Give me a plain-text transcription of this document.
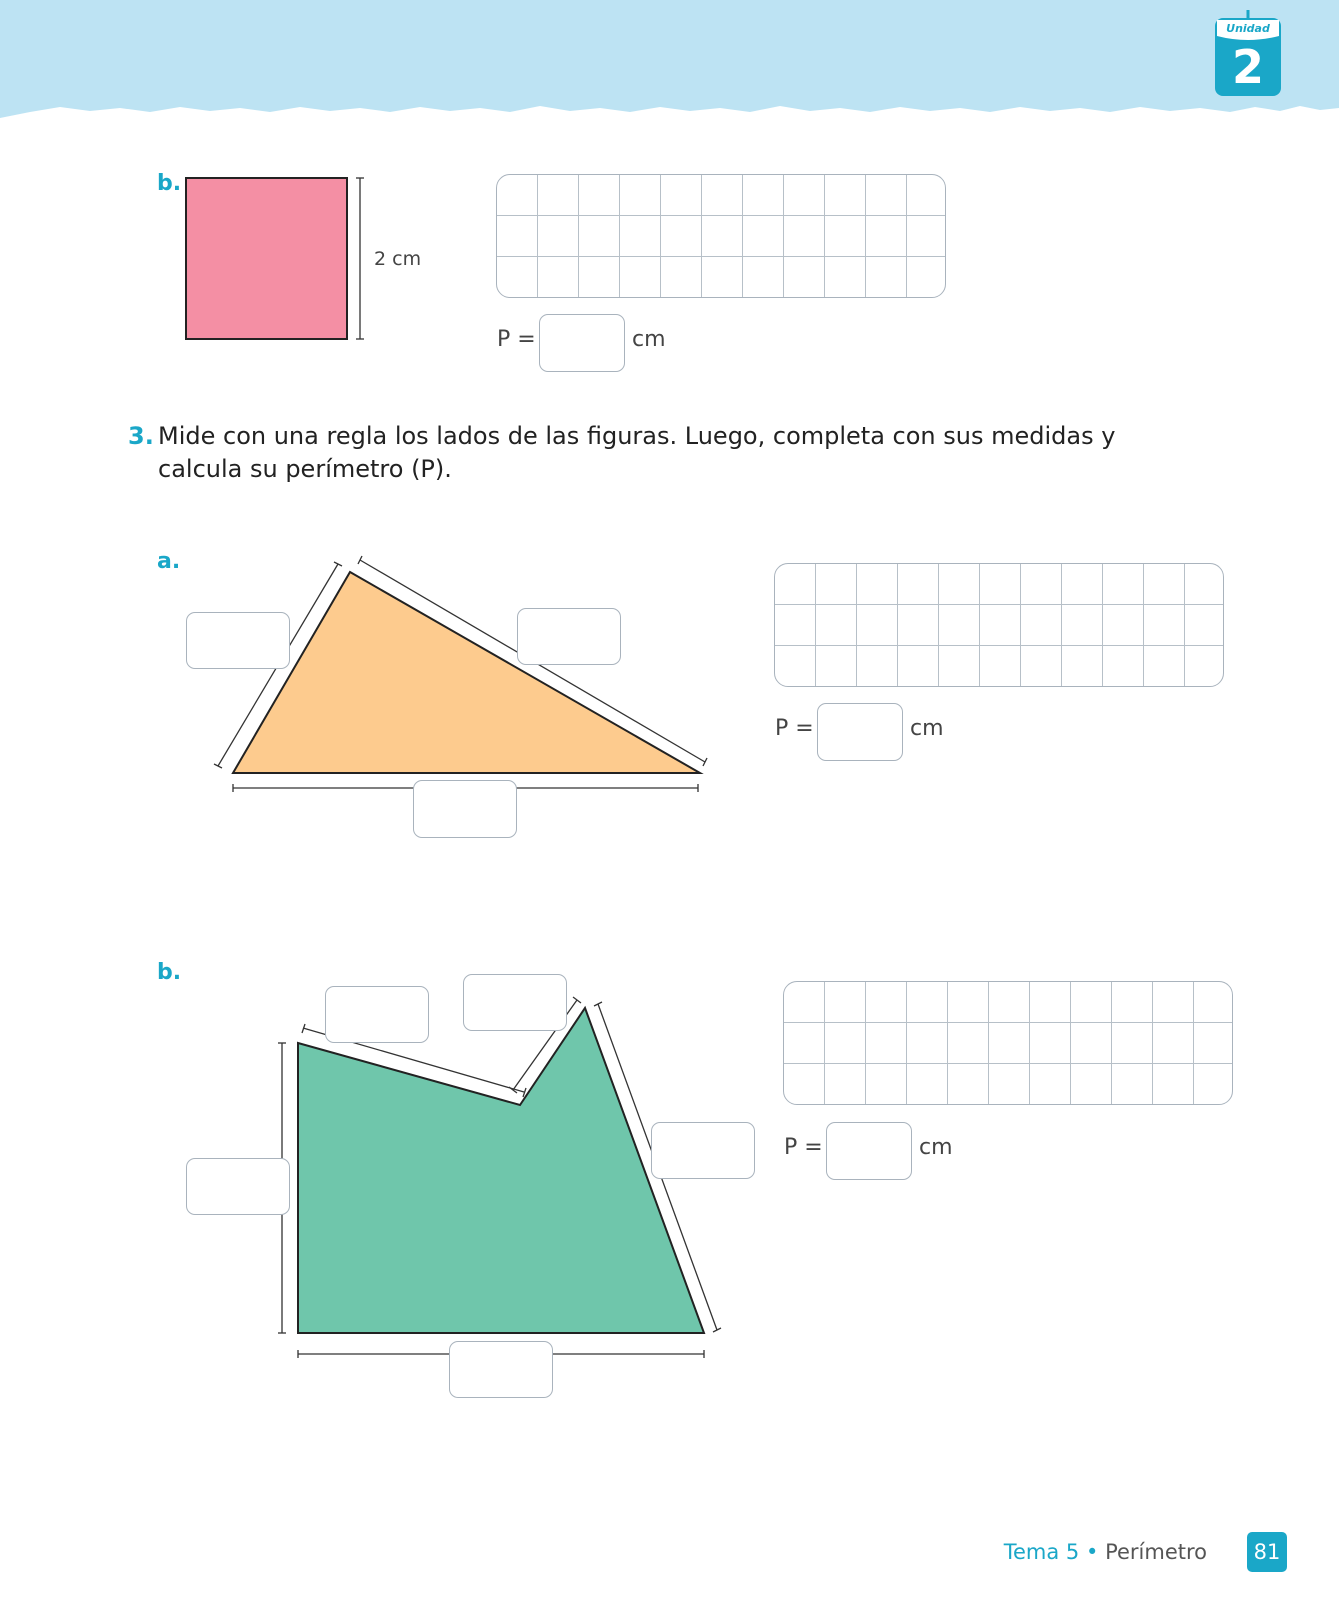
Unidad
2
b.
2 cm
P =	cm
3. Mide con una regla los lados de las figuras. Luego, completa con sus medidas y calcula su perímetro (P).
a.
P =	cm
b.
P =	cm
Tema 5 • Perímetro	81
